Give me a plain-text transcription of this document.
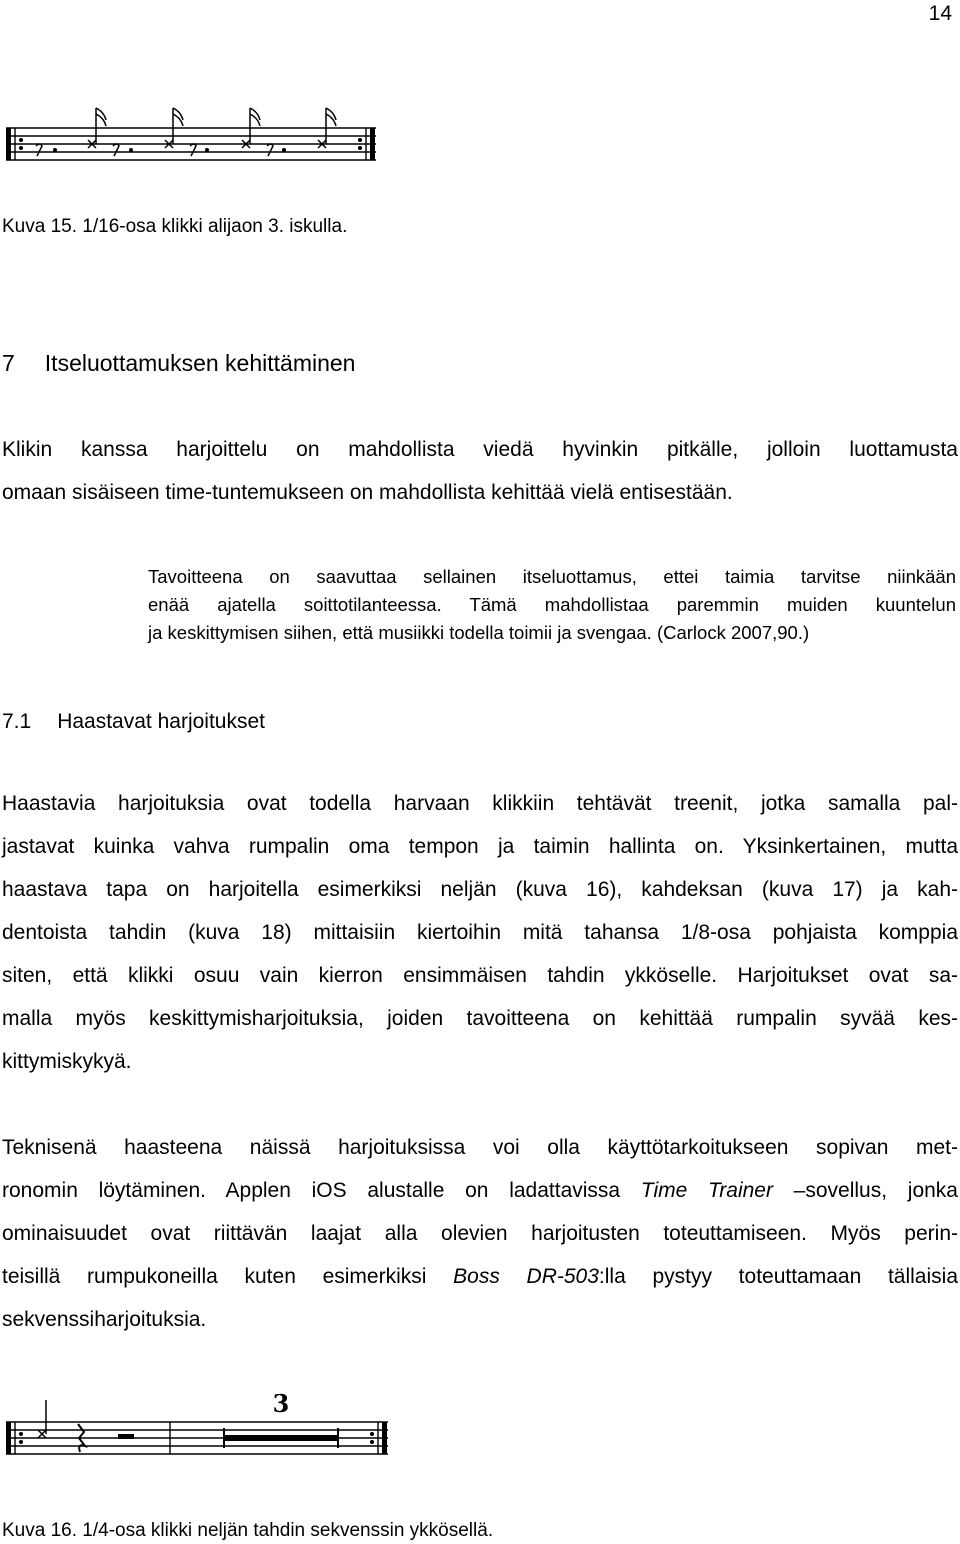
14
Kuva 15. 1/16-osa klikki alijaon 3. iskulla.
7 Itseluottamuksen kehittäminen
Klikin kanssa harjoittelu on mahdollista viedä hyvinkin pitkälle, jolloin luottamusta
omaan sisäiseen time-tuntemukseen on mahdollista kehittää vielä entisestään.
Tavoitteena on saavuttaa sellainen itseluottamus, ettei taimia tarvitse niinkään
enää ajatella soittotilanteessa. Tämä mahdollistaa paremmin muiden kuuntelun
ja keskittymisen siihen, että musiikki todella toimii ja svengaa. (Carlock 2007,90.)
7.1 Haastavat harjoitukset
Haastavia harjoituksia ovat todella harvaan klikkiin tehtävät treenit, jotka samalla pal-
jastavat kuinka vahva rumpalin oma tempon ja taimin hallinta on. Yksinkertainen, mutta
haastava tapa on harjoitella esimerkiksi neljän (kuva 16), kahdeksan (kuva 17) ja kah-
dentoista tahdin (kuva 18) mittaisiin kiertoihin mitä tahansa 1/8-osa pohjaista komppia
siten, että klikki osuu vain kierron ensimmäisen tahdin ykköselle. Harjoitukset ovat sa-
malla myös keskittymisharjoituksia, joiden tavoitteena on kehittää rumpalin syvää kes-
kittymiskykyä.
Teknisenä haasteena näissä harjoituksissa voi olla käyttötarkoitukseen sopivan met-
ronomin löytäminen. Applen iOS alustalle on ladattavissa Time Trainer –sovellus, jonka
ominaisuudet ovat riittävän laajat alla olevien harjoitusten toteuttamiseen. Myös perin-
teisillä rumpukoneilla kuten esimerkiksi Boss DR-503:lla pystyy toteuttamaan tällaisia
sekvenssiharjoituksia.
3
Kuva 16. 1/4-osa klikki neljän tahdin sekvenssin ykkösellä.
